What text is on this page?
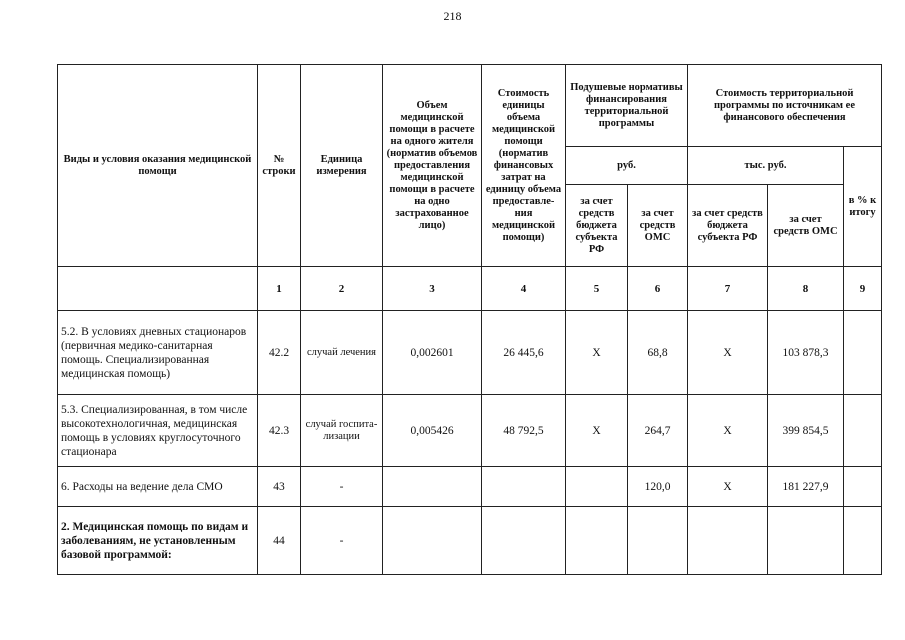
218
Виды и условия оказания медицинской помощи	№ строки	Единица измерения	Объем медицинской помощи в расчете на одного жителя (норматив объемов предоставления медицинской помощи в расчете на одно застрахованное лицо)	Стоимость единицы объема медицинской помощи (норматив финансовых затрат на единицу объема предоставле-ния медицинской помощи)	Подушевые нормативы финансирования территориальной программы		Стоимость территориальной программы по источникам ее финансового обеспечения		
					руб.		тыс. руб.		в % к итогу
					за счет средств бюджета субъекта РФ	за счет средств ОМС	за счет средств бюджета субъекта РФ	за счет средств ОМС	
	1	2	3	4	5	6	7	8	9
5.2. В условиях дневных стационаров (первичная медико-санитарная помощь. Специализированная медицинская помощь)	42.2	случай лечения	0,002601	26 445,6	Х	68,8	Х	103 878,3	
5.3. Специализированная, в том числе высокотехнологичная, медицинская помощь в условиях круглосуточного стационара	42.3	случай госпита-лизации	0,005426	48 792,5	Х	264,7	Х	399 854,5	
6. Расходы на ведение дела СМО	43	-				120,0	Х	181 227,9	
2. Медицинская помощь по видам и заболеваниям, не установленным базовой программой:	44	-							
